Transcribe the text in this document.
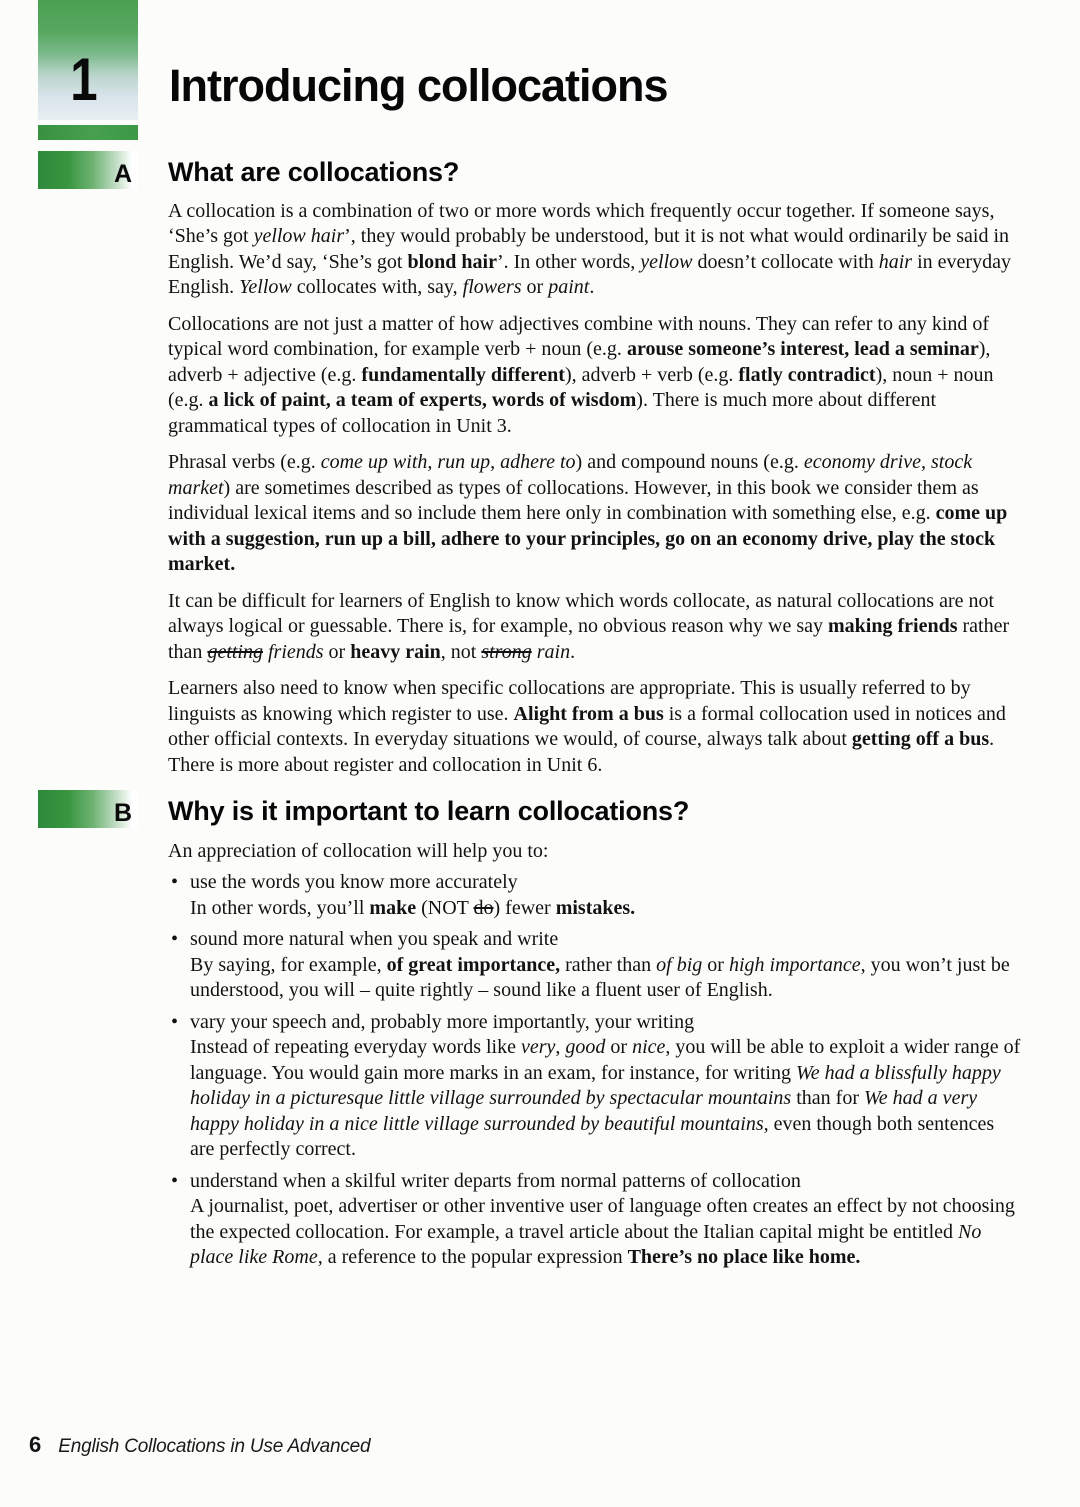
1 Introducing collocations
A What are collocations?

A collocation is a combination of two or more words which frequently occur together. If someone says, ‘She’s got yellow hair’, they would probably be understood, but it is not what would ordinarily be said in English. We’d say, ‘She’s got blond hair’. In other words, yellow doesn’t collocate with hair in everyday English. Yellow collocates with, say, flowers or paint.

Collocations are not just a matter of how adjectives combine with nouns. They can refer to any kind of typical word combination, for example verb + noun (e.g. arouse someone’s interest, lead a seminar), adverb + adjective (e.g. fundamentally different), adverb + verb (e.g. flatly contradict), noun + noun (e.g. a lick of paint, a team of experts, words of wisdom). There is much more about different grammatical types of collocation in Unit 3.

Phrasal verbs (e.g. come up with, run up, adhere to) and compound nouns (e.g. economy drive, stock market) are sometimes described as types of collocations. However, in this book we consider them as individual lexical items and so include them here only in combination with something else, e.g. come up with a suggestion, run up a bill, adhere to your principles, go on an economy drive, play the stock market.

It can be difficult for learners of English to know which words collocate, as natural collocations are not always logical or guessable. There is, for example, no obvious reason why we say making friends rather than getting friends or heavy rain, not strong rain.

Learners also need to know when specific collocations are appropriate. This is usually referred to by linguists as knowing which register to use. Alight from a bus is a formal collocation used in notices and other official contexts. In everyday situations we would, of course, always talk about getting off a bus. There is more about register and collocation in Unit 6.

B Why is it important to learn collocations?

An appreciation of collocation will help you to:

• use the words you know more accurately
In other words, you’ll make (NOT do) fewer mistakes.
• sound more natural when you speak and write
By saying, for example, of great importance, rather than of big or high importance, you won’t just be understood, you will – quite rightly – sound like a fluent user of English.
• vary your speech and, probably more importantly, your writing
Instead of repeating everyday words like very, good or nice, you will be able to exploit a wider range of language. You would gain more marks in an exam, for instance, for writing We had a blissfully happy holiday in a picturesque little village surrounded by spectacular mountains than for We had a very happy holiday in a nice little village surrounded by beautiful mountains, even though both sentences are perfectly correct.
• understand when a skilful writer departs from normal patterns of collocation
A journalist, poet, advertiser or other inventive user of language often creates an effect by not choosing the expected collocation. For example, a travel article about the Italian capital might be entitled No place like Rome, a reference to the popular expression There’s no place like home.
6 English Collocations in Use Advanced
